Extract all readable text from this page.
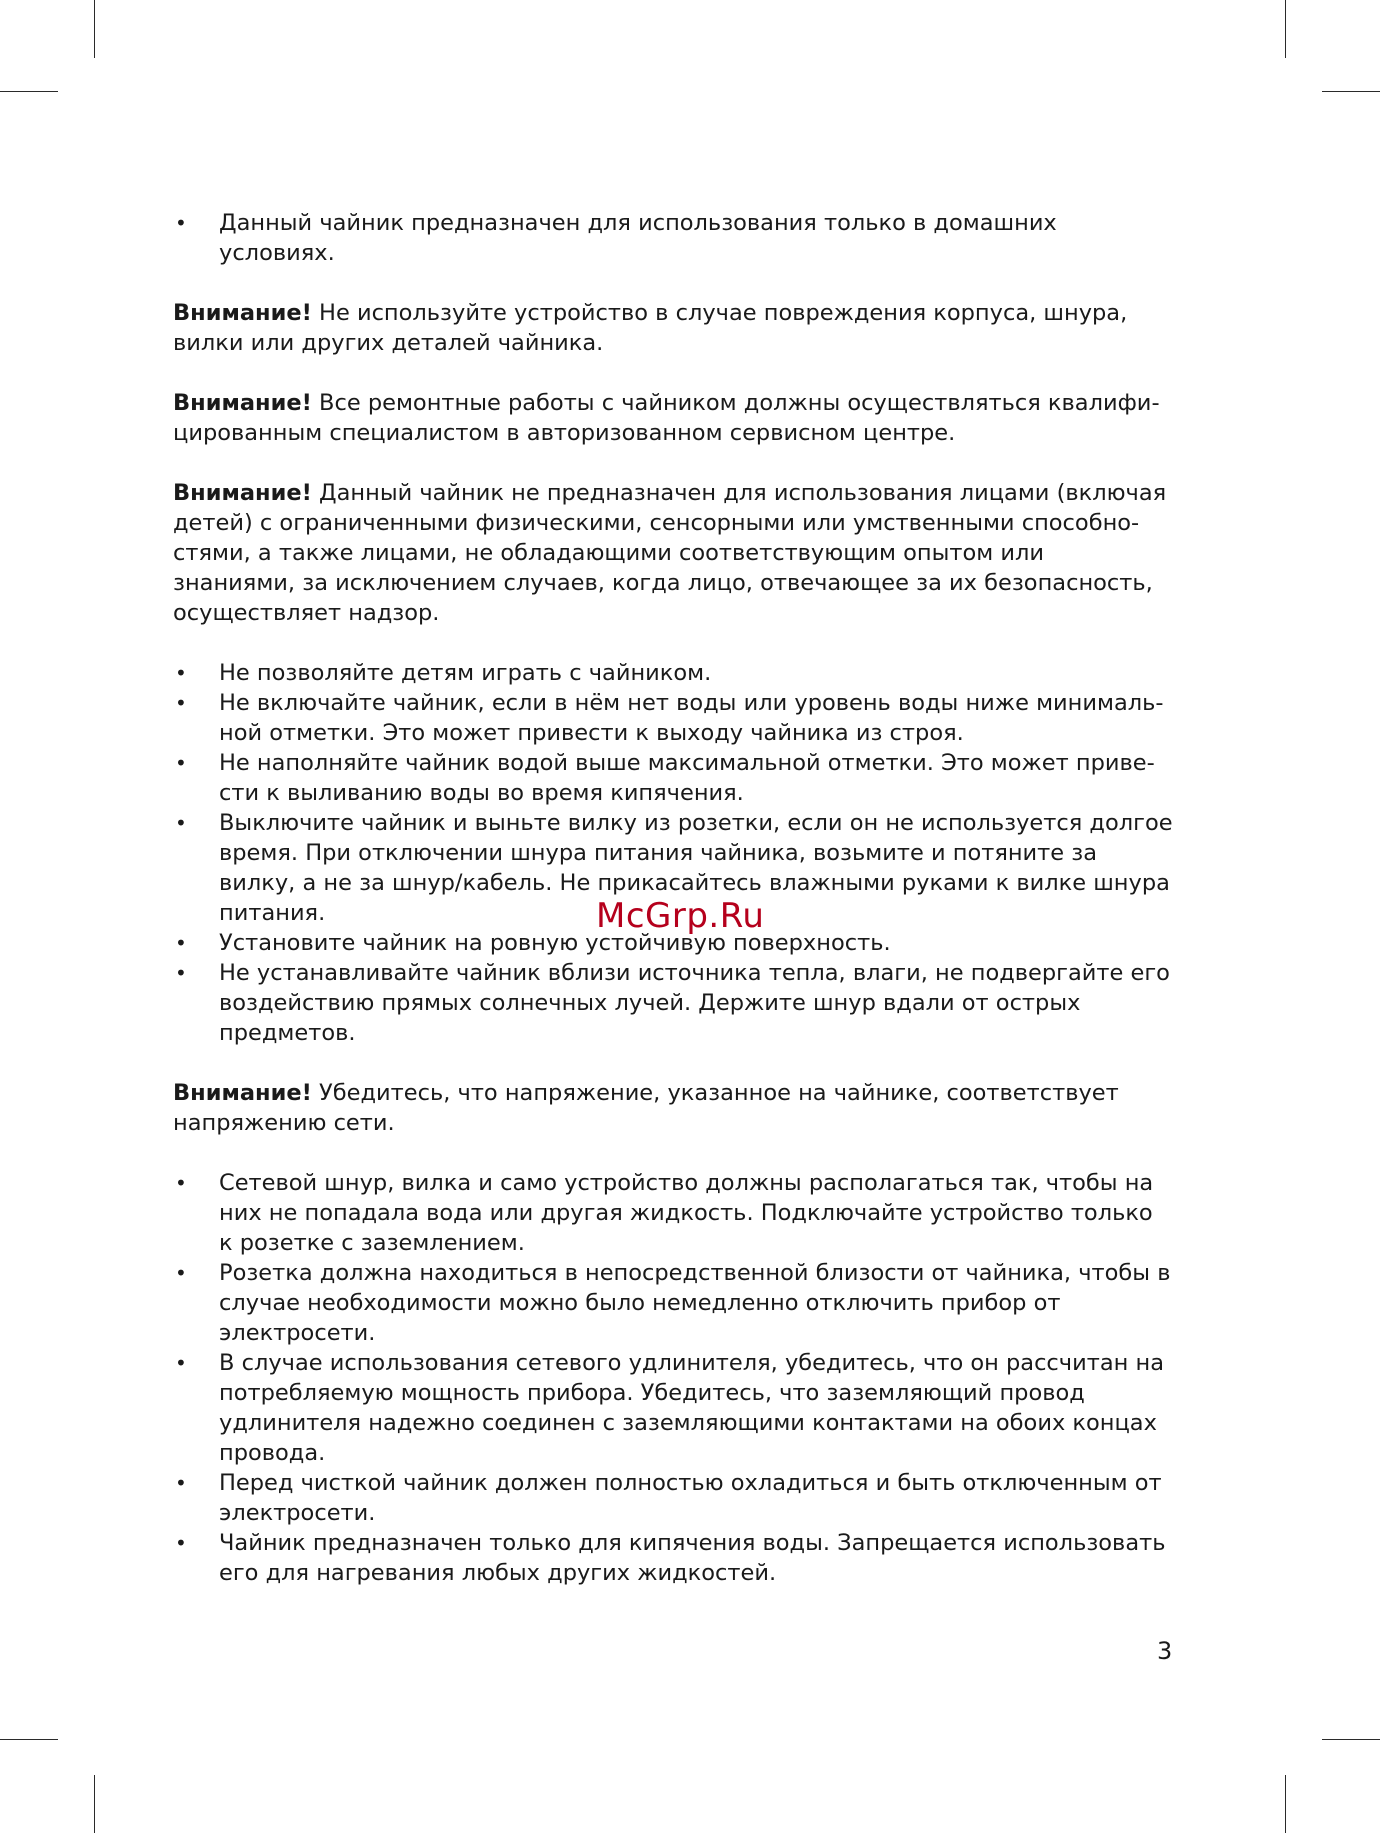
• Данный чайник предназначен для использования только в домашних условиях.

Внимание! Не используйте устройство в случае повреждения корпуса, шнура, вилки или других деталей чайника.

Внимание! Все ремонтные работы с чайником должны осуществляться квалифицированным специалистом в авторизованном сервисном центре.

Внимание! Данный чайник не предназначен для использования лицами (включая детей) с ограниченными физическими, сенсорными или умственными способностями, а также лицами, не обладающими соответствующим опытом или знаниями, за исключением случаев, когда лицо, отвечающее за их безопасность, осуществляет надзор.

• Не позволяйте детям играть с чайником.
• Не включайте чайник, если в нём нет воды или уровень воды ниже минимальной отметки. Это может привести к выходу чайника из строя.
• Не наполняйте чайник водой выше максимальной отметки. Это может привести к выливанию воды во время кипячения.
• Выключите чайник и выньте вилку из розетки, если он не используется долгое время. При отключении шнура питания чайника, возьмите и потяните за вилку, а не за шнур/кабель. Не прикасайтесь влажными руками к вилке шнура питания.
• Установите чайник на ровную устойчивую поверхность.
• Не устанавливайте чайник вблизи источника тепла, влаги, не подвергайте его воздействию прямых солнечных лучей. Держите шнур вдали от острых предметов.

Внимание! Убедитесь, что напряжение, указанное на чайнике, соответствует напряжению сети.

• Сетевой шнур, вилка и само устройство должны располагаться так, чтобы на них не попадала вода или другая жидкость. Подключайте устройство только к розетке с заземлением.
• Розетка должна находиться в непосредственной близости от чайника, чтобы в случае необходимости можно было немедленно отключить прибор от электросети.
• В случае использования сетевого удлинителя, убедитесь, что он рассчитан на потребляемую мощность прибора. Убедитесь, что заземляющий провод удлинителя надежно соединен с заземляющими контактами на обоих концах провода.
• Перед чисткой чайник должен полностью охладиться и быть отключенным от электросети.
• Чайник предназначен только для кипячения воды. Запрещается использовать его для нагревания любых других жидкостей.
McGrp.Ru
3
